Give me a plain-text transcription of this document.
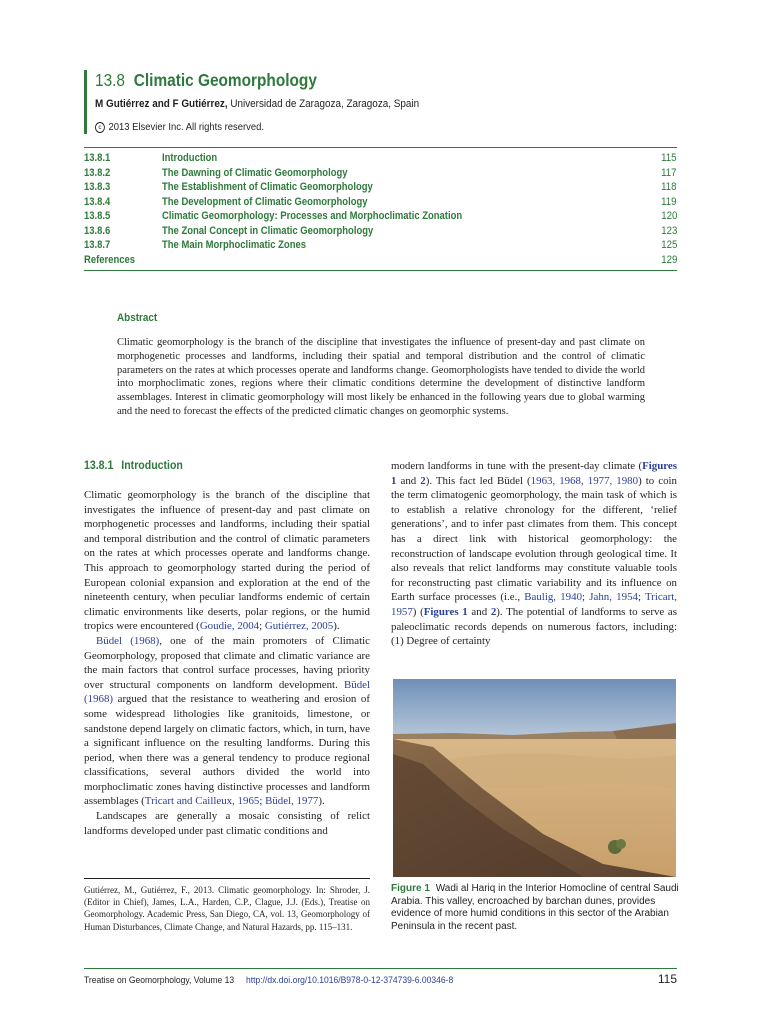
13.8 Climatic Geomorphology
M Gutiérrez and F Gutiérrez, Universidad de Zaragoza, Zaragoza, Spain
c 2013 Elsevier Inc. All rights reserved.
13.8.1	Introduction	115
13.8.2	The Dawning of Climatic Geomorphology	117
13.8.3	The Establishment of Climatic Geomorphology	118
13.8.4	The Development of Climatic Geomorphology	119
13.8.5	Climatic Geomorphology: Processes and Morphoclimatic Zonation	120
13.8.6	The Zonal Concept in Climatic Geomorphology	123
13.8.7	The Main Morphoclimatic Zones	125
References	129
Abstract
Climatic geomorphology is the branch of the discipline that investigates the influence of present-day and past climate on morphogenetic processes and landforms, including their spatial and temporal distribution and the control of climatic parameters on the rates at which processes operate and landforms change. Geomorphologists have tended to divide the world into morphoclimatic zones, regions where their climatic conditions determine the development of distinctive landform assemblages. Interest in climatic geomorphology will most likely be enhanced in the following years due to global warming and the need to forecast the effects of the predicted climatic changes on geomorphic systems.
13.8.1 Introduction

Climatic geomorphology is the branch of the discipline that investigates the influence of present-day and past climate on morphogenetic processes and landforms, including their spatial and temporal distribution and the control of climatic parameters on the rates at which processes operate and landforms change. This approach to geomorphology started during the period of European colonial expansion and exploration at the end of the nineteenth century, when peculiar landforms endemic of certain climatic environments like deserts, polar regions, or the humid tropics were encountered (Goudie, 2004; Gutiérrez, 2005).

Büdel (1968), one of the main promoters of Climatic Geomorphology, proposed that climate and climatic variance are the main factors that control surface processes, having priority over structural components on landform development. Büdel (1968) argued that the resistance to weathering and erosion of some widespread lithologies like granitoids, limestone, or sandstone depend largely on climatic factors, which, in turn, have a significant influence on the resulting landforms. During this period, when there was a general tendency to produce regional classifications, several authors divided the world into morphoclimatic zones having distinctive processes and landform assemblages (Tricart and Cailleux, 1965; Büdel, 1977).

Landscapes are generally a mosaic consisting of relict landforms developed under past climatic conditions and

modern landforms in tune with the present-day climate (Figures 1 and 2). This fact led Büdel (1963, 1968, 1977, 1980) to coin the term climatogenic geomorphology, the main task of which is to establish a relative chronology for the different, ‘relief generations’, and to infer past climates from them. This concept has a direct link with historical geomorphology: the reconstruction of landscape evolution through geological time. It also reveals that relict landforms may constitute valuable tools for reconstructing past climatic variability and its influence on Earth surface processes (i.e., Baulig, 1940; Jahn, 1954; Tricart, 1957) (Figures 1 and 2). The potential of landforms to serve as paleoclimatic records depends on numerous factors, including: (1) Degree of certainty

Figure 1 Wadi al Hariq in the Interior Homocline of central Saudi Arabia. This valley, encroached by barchan dunes, provides evidence of more humid conditions in this sector of the Arabian Peninsula in the recent past.
Gutiérrez, M., Gutiérrez, F., 2013. Climatic geomorphology. In: Shroder, J. (Editor in Chief), James, L.A., Harden, C.P., Clague, J.J. (Eds.), Treatise on Geomorphology. Academic Press, San Diego, CA, vol. 13, Geomorphology of Human Disturbances, Climate Change, and Natural Hazards, pp. 115–131.
Treatise on Geomorphology, Volume 13 http://dx.doi.org/10.1016/B978-0-12-374739-6.00346-8	115
